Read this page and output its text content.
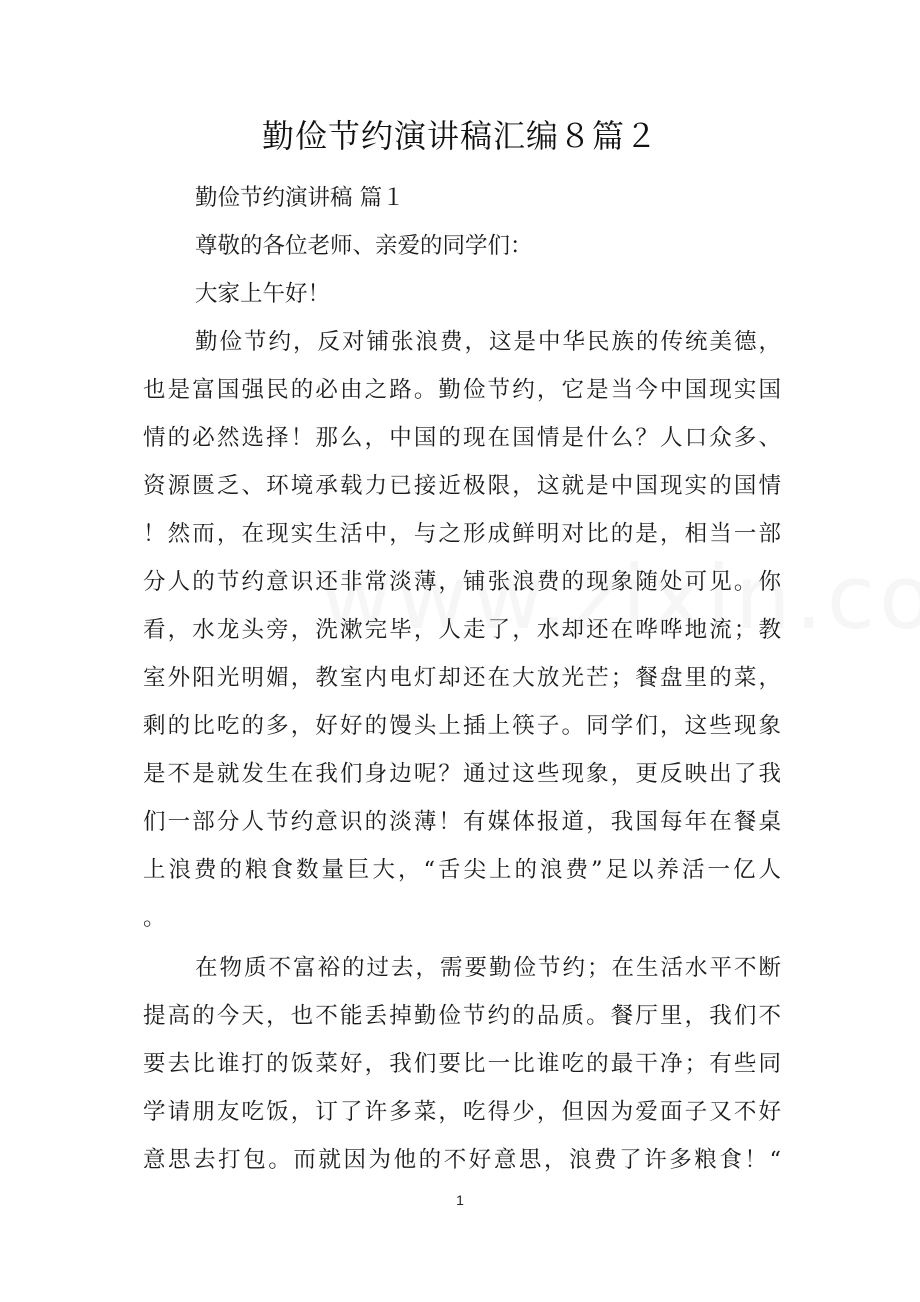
勤俭节约演讲稿汇编８篇２
勤俭节约演讲稿 篇１
尊敬的各位老师、亲爱的同学们：
大家上午好！
勤俭节约，反对铺张浪费，这是中华民族的传统美德，
也是富国强民的必由之路。勤俭节约，它是当今中国现实国
情的必然选择！那么，中国的现在国情是什么？人口众多、
资源匮乏、环境承载力已接近极限，这就是中国现实的国情
！然而，在现实生活中，与之形成鲜明对比的是，相当一部
分人的节约意识还非常淡薄，铺张浪费的现象随处可见。你
看，水龙头旁，洗漱完毕，人走了，水却还在哗哗地流；教
室外阳光明媚，教室内电灯却还在大放光芒；餐盘里的菜，
剩的比吃的多，好好的馒头上插上筷子。同学们，这些现象
是不是就发生在我们身边呢？通过这些现象，更反映出了我
们一部分人节约意识的淡薄！有媒体报道，我国每年在餐桌
上浪费的粮食数量巨大，“舌尖上的浪费”足以养活一亿人
。
在物质不富裕的过去，需要勤俭节约；在生活水平不断
提高的今天，也不能丢掉勤俭节约的品质。餐厅里，我们不
要去比谁打的饭菜好，我们要比一比谁吃的最干净；有些同
学请朋友吃饭，订了许多菜，吃得少，但因为爱面子又不好
意思去打包。而就因为他的不好意思，浪费了许多粮食！“
1
